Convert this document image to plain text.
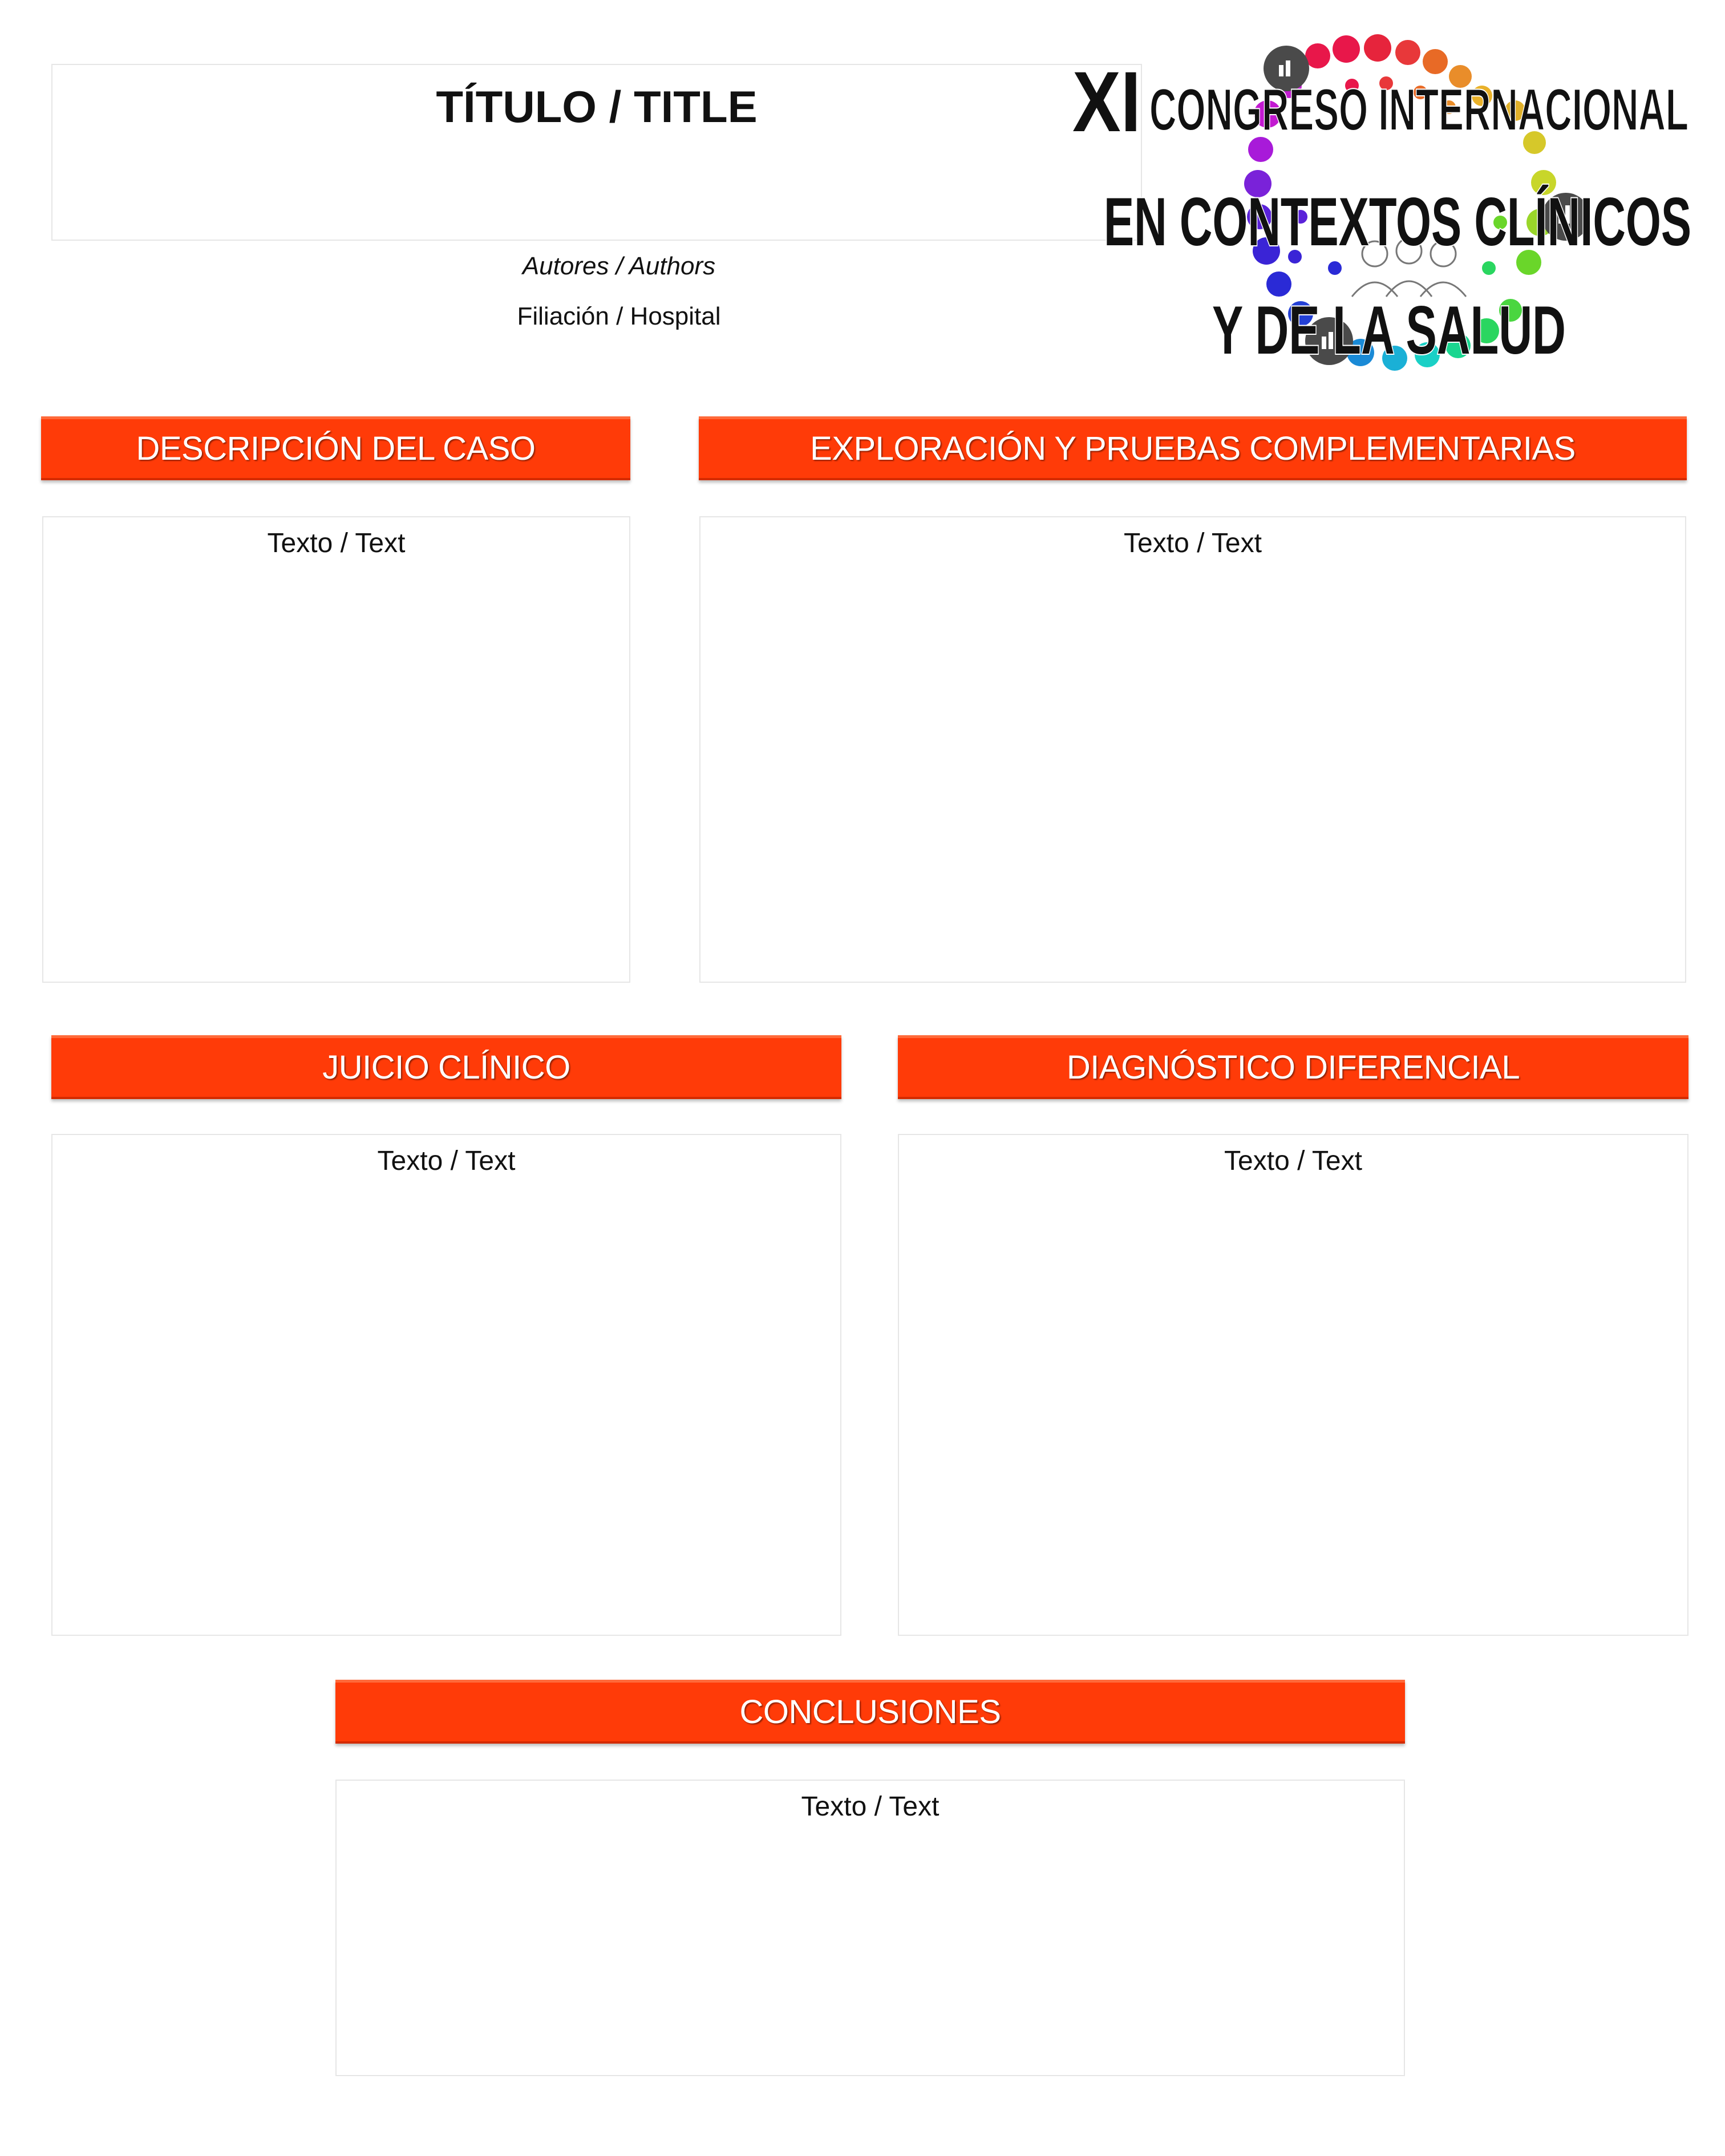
TÍTULO / TITLE
Autores / Authors
Filiación / Hospital
XI CONGRESO INTERNACIONAL
EN CONTEXTOS CLÍNICOS
Y DE LA SALUD
DESCRIPCIÓN DEL CASO	EXPLORACIÓN Y PRUEBAS COMPLEMENTARIAS
Texto / Text	Texto / Text
JUICIO CLÍNICO	DIAGNÓSTICO DIFERENCIAL
Texto / Text	Texto / Text
CONCLUSIONES
Texto / Text
